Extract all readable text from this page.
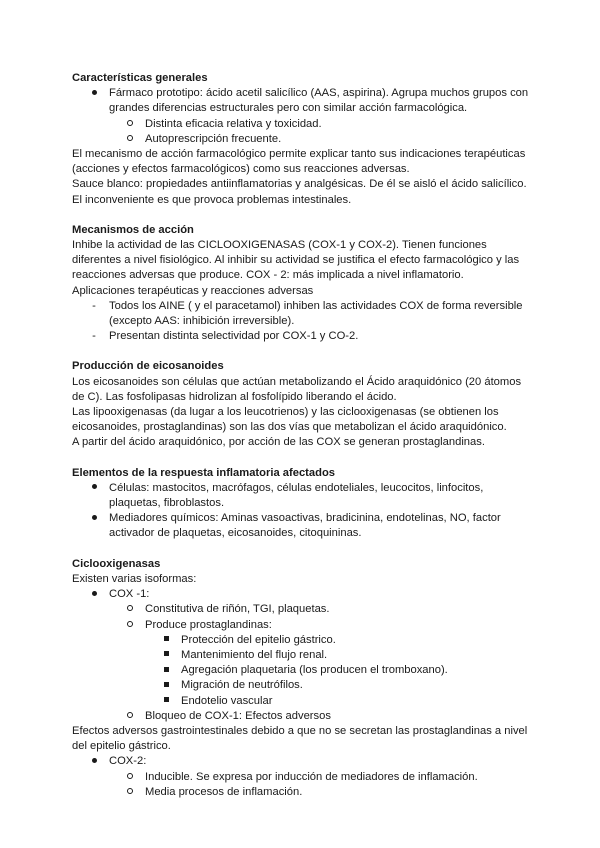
Características generales

Fármaco prototipo: ácido acetil salicílico (AAS, aspirina). Agrupa muchos grupos con grandes diferencias estructurales pero con similar acción farmacológica.
Distinta eficacia relativa y toxicidad.
Autoprescripción frecuente.

El mecanismo de acción farmacológico permite explicar tanto sus indicaciones terapéuticas (acciones y efectos farmacológicos) como sus reacciones adversas.

Sauce blanco: propiedades antiinflamatorias y analgésicas. De él se aisló el ácido salicílico. El inconveniente es que provoca problemas intestinales.

Mecanismos de acción

Inhibe la actividad de las CICLOOXIGENASAS (COX-1 y COX-2). Tienen funciones diferentes a nivel fisiológico. Al inhibir su actividad se justifica el efecto farmacológico y las reacciones adversas que produce. COX - 2: más implicada a nivel inflamatorio.

Aplicaciones terapéuticas y reacciones adversas

-
Todos los AINE ( y el paracetamol) inhiben las actividades COX de forma reversible (excepto AAS: inhibición irreversible).
-
Presentan distinta selectividad por COX-1 y CO-2.

Producción de eicosanoides

Los eicosanoides son células que actúan metabolizando el Ácido araquidónico (20 átomos de C). Las fosfolipasas hidrolizan al fosfolípido liberando el ácido.

Las lipooxigenasas (da lugar a los leucotrienos) y las ciclooxigenasas (se obtienen los eicosanoides, prostaglandinas) son las dos vías que metabolizan el ácido araquidónico.

A partir del ácido araquidónico, por acción de las COX se generan prostaglandinas.

Elementos de la respuesta inflamatoria afectados

Células: mastocitos, macrófagos, células endoteliales, leucocitos, linfocitos, plaquetas, fibroblastos.
Mediadores químicos: Aminas vasoactivas, bradicinina, endotelinas, NO, factor activador de plaquetas, eicosanoides, citoquininas.

Ciclooxigenasas

Existen varias isoformas:

COX -1:
Constitutiva de riñón, TGI, plaquetas.
Produce prostaglandinas:
Protección del epitelio gástrico.
Mantenimiento del flujo renal.
Agregación plaquetaria (los producen el tromboxano).
Migración de neutrófilos.
Endotelio vascular
Bloqueo de COX-1: Efectos adversos

Efectos adversos gastrointestinales debido a que no se secretan las prostaglandinas a nivel del epitelio gástrico.

COX-2:
Inducible. Se expresa por inducción de mediadores de inflamación.
Media procesos de inflamación.
